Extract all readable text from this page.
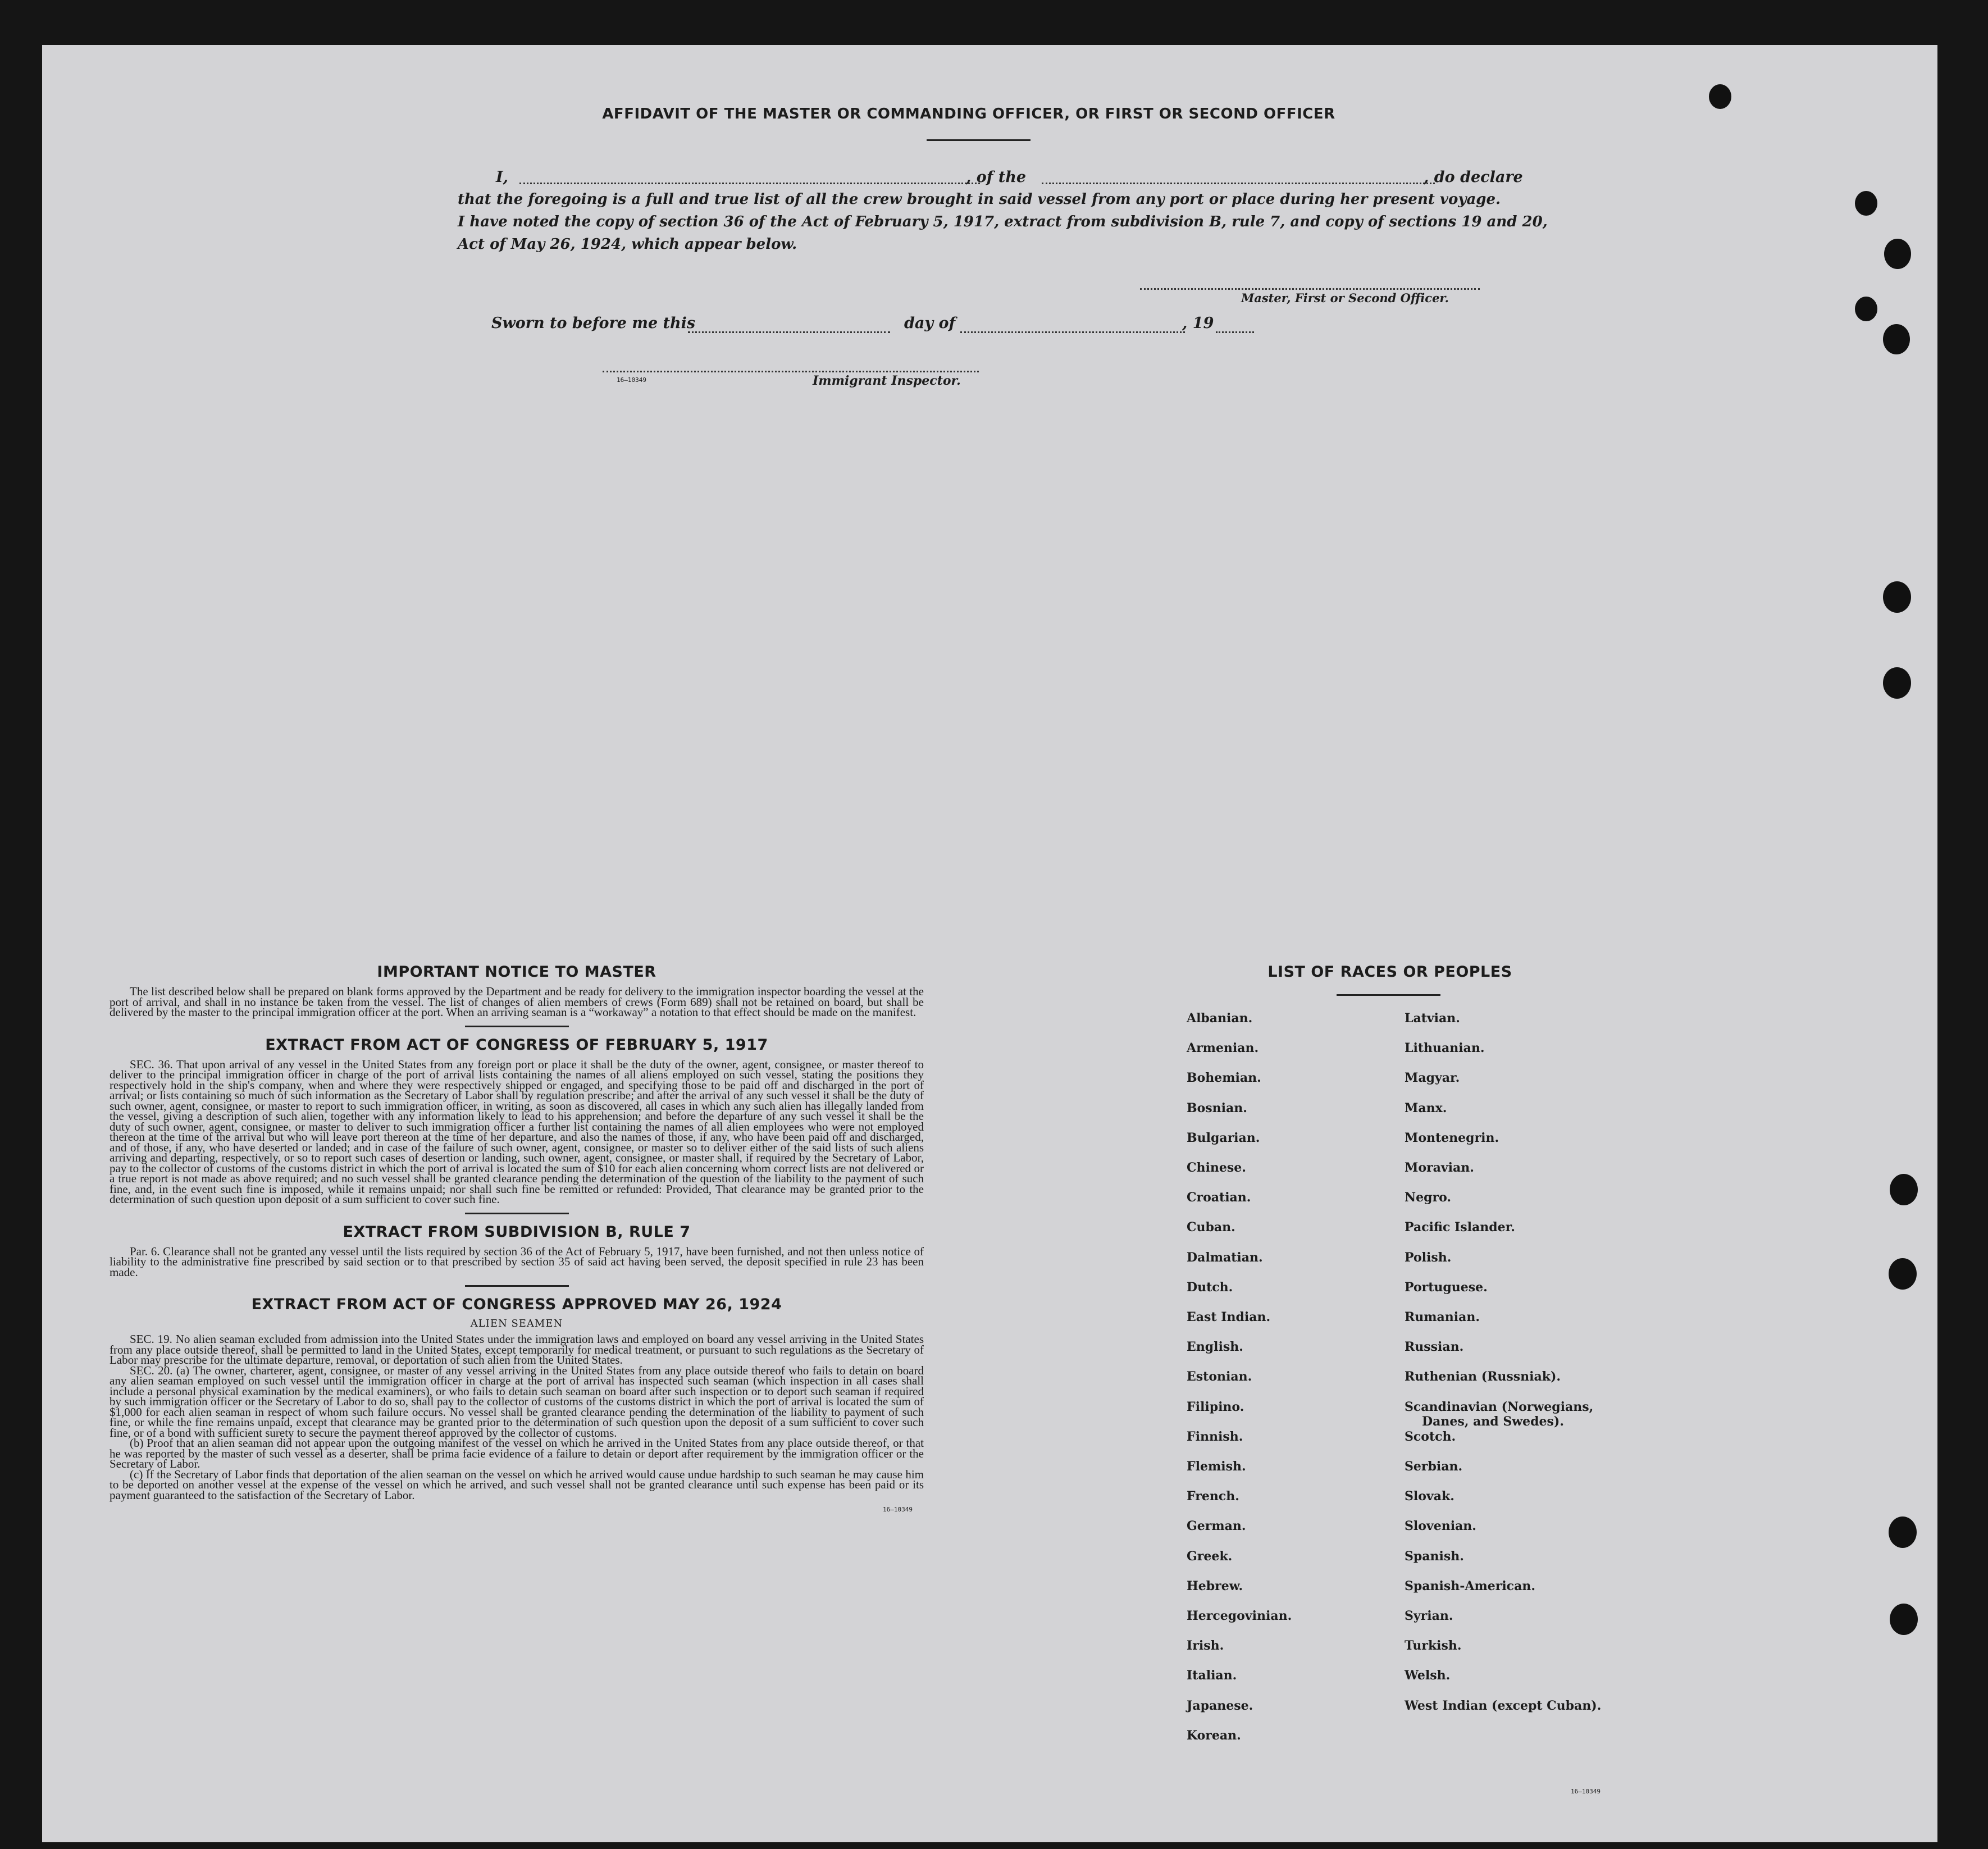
AFFIDAVIT OF THE MASTER OR COMMANDING OFFICER, OR FIRST OR SECOND OFFICER
I,	, of the	, do declare
that the foregoing is a full and true list of all the crew brought in said vessel from any port or place during her present voyage.
I have noted the copy of section 36 of the Act of February 5, 1917, extract from subdivision B, rule 7, and copy of sections 19 and 20,
Act of May 26, 1924, which appear below.
Master, First or Second Officer.
Sworn to before me this	day of	, 19
16—10349	Immigrant Inspector.
IMPORTANT NOTICE TO MASTER

The list described below shall be prepared on blank forms approved by the Department and be ready for delivery to the immigration inspector boarding the vessel at the port of arrival, and shall in no instance be taken from the vessel. The list of changes of alien members of crews (Form 689) shall not be retained on board, but shall be delivered by the master to the principal immigration officer at the port. When an arriving seaman is a “workaway” a notation to that effect should be made on the manifest.

EXTRACT FROM ACT OF CONGRESS OF FEBRUARY 5, 1917

SEC. 36. That upon arrival of any vessel in the United States from any foreign port or place it shall be the duty of the owner, agent, consignee, or master thereof to deliver to the principal immigration officer in charge of the port of arrival lists containing the names of all aliens employed on such vessel, stating the positions they respectively hold in the ship's company, when and where they were respectively shipped or engaged, and specifying those to be paid off and discharged in the port of arrival; or lists containing so much of such information as the Secretary of Labor shall by regulation prescribe; and after the arrival of any such vessel it shall be the duty of such owner, agent, consignee, or master to report to such immigration officer, in writing, as soon as discovered, all cases in which any such alien has illegally landed from the vessel, giving a description of such alien, together with any information likely to lead to his apprehension; and before the departure of any such vessel it shall be the duty of such owner, agent, consignee, or master to deliver to such immigration officer a further list containing the names of all alien employees who were not employed thereon at the time of the arrival but who will leave port thereon at the time of her departure, and also the names of those, if any, who have been paid off and discharged, and of those, if any, who have deserted or landed; and in case of the failure of such owner, agent, consignee, or master so to deliver either of the said lists of such aliens arriving and departing, respectively, or so to report such cases of desertion or landing, such owner, agent, consignee, or master shall, if required by the Secretary of Labor, pay to the collector of customs of the customs district in which the port of arrival is located the sum of $10 for each alien concerning whom correct lists are not delivered or a true report is not made as above required; and no such vessel shall be granted clearance pending the determination of the question of the liability to the payment of such fine, and, in the event such fine is imposed, while it remains unpaid; nor shall such fine be remitted or refunded: Provided, That clearance may be granted prior to the determination of such question upon deposit of a sum sufficient to cover such fine.

EXTRACT FROM SUBDIVISION B, RULE 7

Par. 6. Clearance shall not be granted any vessel until the lists required by section 36 of the Act of February 5, 1917, have been furnished, and not then unless notice of liability to the administrative fine prescribed by said section or to that prescribed by section 35 of said act having been served, the deposit specified in rule 23 has been made.

EXTRACT FROM ACT OF CONGRESS APPROVED MAY 26, 1924
ALIEN SEAMEN

SEC. 19. No alien seaman excluded from admission into the United States under the immigration laws and employed on board any vessel arriving in the United States from any place outside thereof, shall be permitted to land in the United States, except temporarily for medical treatment, or pursuant to such regulations as the Secretary of Labor may prescribe for the ultimate departure, removal, or deportation of such alien from the United States.

SEC. 20. (a) The owner, charterer, agent, consignee, or master of any vessel arriving in the United States from any place outside thereof who fails to detain on board any alien seaman employed on such vessel until the immigration officer in charge at the port of arrival has inspected such seaman (which inspection in all cases shall include a personal physical examination by the medical examiners), or who fails to detain such seaman on board after such inspection or to deport such seaman if required by such immigration officer or the Secretary of Labor to do so, shall pay to the collector of customs of the customs district in which the port of arrival is located the sum of $1,000 for each alien seaman in respect of whom such failure occurs. No vessel shall be granted clearance pending the determination of the liability to payment of such fine, or while the fine remains unpaid, except that clearance may be granted prior to the determination of such question upon the deposit of a sum sufficient to cover such fine, or of a bond with sufficient surety to secure the payment thereof approved by the collector of customs.

(b) Proof that an alien seaman did not appear upon the outgoing manifest of the vessel on which he arrived in the United States from any place outside thereof, or that he was reported by the master of such vessel as a deserter, shall be prima facie evidence of a failure to detain or deport after requirement by the immigration officer or the Secretary of Labor.

(c) If the Secretary of Labor finds that deportation of the alien seaman on the vessel on which he arrived would cause undue hardship to such seaman he may cause him to be deported on another vessel at the expense of the vessel on which he arrived, and such vessel shall not be granted clearance until such expense has been paid or its payment guaranteed to the satisfaction of the Secretary of Labor.

16—10349
LIST OF RACES OR PEOPLES
16—10349
Albanian.
Armenian.
Bohemian.
Bosnian.
Bulgarian.
Chinese.
Croatian.
Cuban.
Dalmatian.
Dutch.
East Indian.
English.
Estonian.
Filipino.
Finnish.
Flemish.
French.
German.
Greek.
Hebrew.
Hercegovinian.
Irish.
Italian.
Japanese.
Korean.
Latvian.
Lithuanian.
Magyar.
Manx.
Montenegrin.
Moravian.
Negro.
Pacific Islander.
Polish.
Portuguese.
Rumanian.
Russian.
Ruthenian (Russniak).
Scandinavian (Norwegians,
Danes, and Swedes).
Scotch.
Serbian.
Slovak.
Slovenian.
Spanish.
Spanish-American.
Syrian.
Turkish.
Welsh.
West Indian (except Cuban).
